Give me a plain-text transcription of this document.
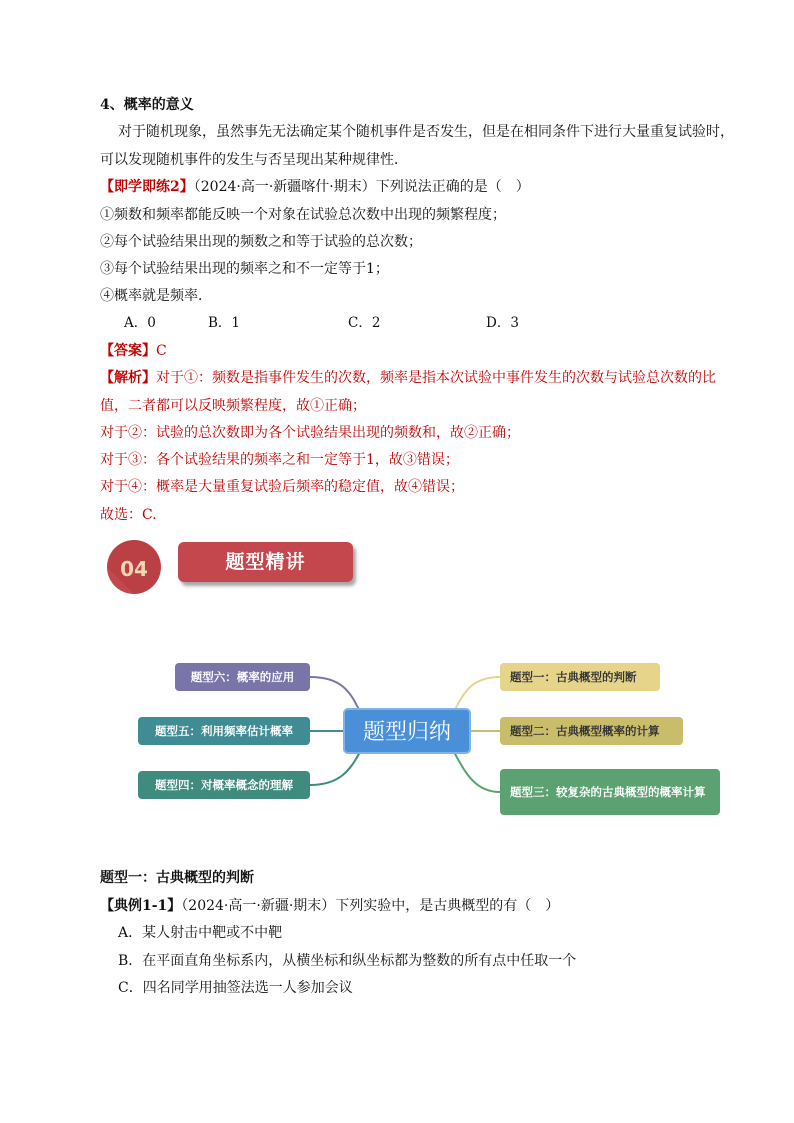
4、概率的意义
对于随机现象，虽然事先无法确定某个随机事件是否发生，但是在相同条件下进行大量重复试验时，
可以发现随机事件的发生与否呈现出某种规律性．
【即学即练2】（2024·高一·新疆喀什·期末）下列说法正确的是（　）
①频数和频率都能反映一个对象在试验总次数中出现的频繁程度；
②每个试验结果出现的频数之和等于试验的总次数；
③每个试验结果出现的频率之和不一定等于1；
④概率就是频率．
A．0	B．1	C．2	D．3
【答案】C
【解析】对于①：频数是指事件发生的次数，频率是指本次试验中事件发生的次数与试验总次数的比
值，二者都可以反映频繁程度，故①正确；
对于②：试验的总次数即为各个试验结果出现的频数和，故②正确；
对于③：各个试验结果的频率之和一定等于1，故③错误；
对于④：概率是大量重复试验后频率的稳定值，故④错误；
故选：C.
04	题型精讲
题型六：概率的应用
题型五：利用频率估计概率
题型四：对概率概念的理解
题型归纳
题型一：古典概型的判断
题型二：古典概型概率的计算
题型三：较复杂的古典概型的概率计算
题型一：古典概型的判断
【典例1-1】（2024·高一·新疆·期末）下列实验中，是古典概型的有（　）
A．某人射击中靶或不中靶
B．在平面直角坐标系内，从横坐标和纵坐标都为整数的所有点中任取一个
C．四名同学用抽签法选一人参加会议
